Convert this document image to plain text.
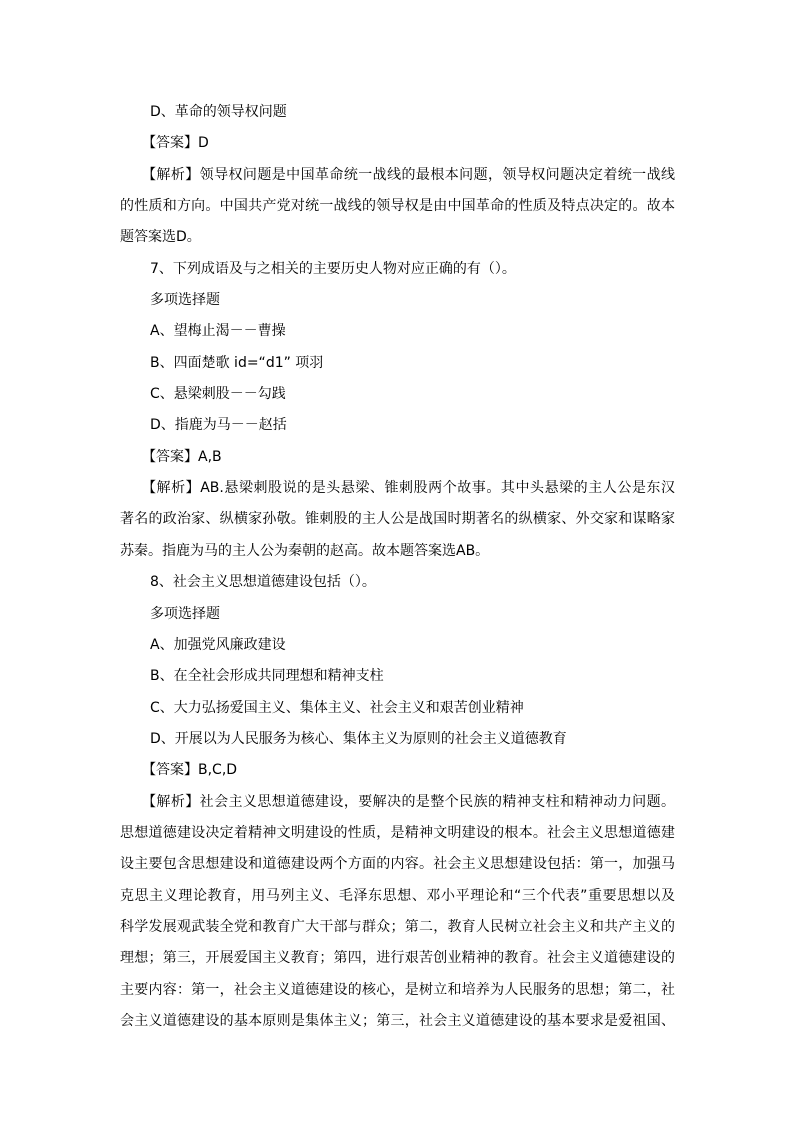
D、革命的领导权问题
【答案】D
【解析】领导权问题是中国革命统一战线的最根本问题，领导权问题决定着统一战线
的性质和方向。中国共产党对统一战线的领导权是由中国革命的性质及特点决定的。故本
题答案选D。
7、下列成语及与之相关的主要历史人物对应正确的有（）。
多项选择题
A、望梅止渴－－曹操
B、四面楚歌 id=“d1” 项羽
C、悬梁刺股－－勾践
D、指鹿为马－－赵括
【答案】A,B
【解析】AB.悬梁刺股说的是头悬梁、锥刺股两个故事。其中头悬梁的主人公是东汉
著名的政治家、纵横家孙敬。锥刺股的主人公是战国时期著名的纵横家、外交家和谋略家
苏秦。指鹿为马的主人公为秦朝的赵高。故本题答案选AB。
8、社会主义思想道德建设包括（）。
多项选择题
A、加强党风廉政建设
B、在全社会形成共同理想和精神支柱
C、大力弘扬爱国主义、集体主义、社会主义和艰苦创业精神
D、开展以为人民服务为核心、集体主义为原则的社会主义道德教育
【答案】B,C,D
【解析】社会主义思想道德建设，要解决的是整个民族的精神支柱和精神动力问题。
思想道德建设决定着精神文明建设的性质，是精神文明建设的根本。社会主义思想道德建
设主要包含思想建设和道德建设两个方面的内容。社会主义思想建设包括：第一，加强马
克思主义理论教育，用马列主义、毛泽东思想、邓小平理论和“三个代表”重要思想以及
科学发展观武装全党和教育广大干部与群众；第二，教育人民树立社会主义和共产主义的
理想；第三，开展爱国主义教育；第四，进行艰苦创业精神的教育。社会主义道德建设的
主要内容：第一，社会主义道德建设的核心，是树立和培养为人民服务的思想；第二，社
会主义道德建设的基本原则是集体主义；第三，社会主义道德建设的基本要求是爱祖国、
